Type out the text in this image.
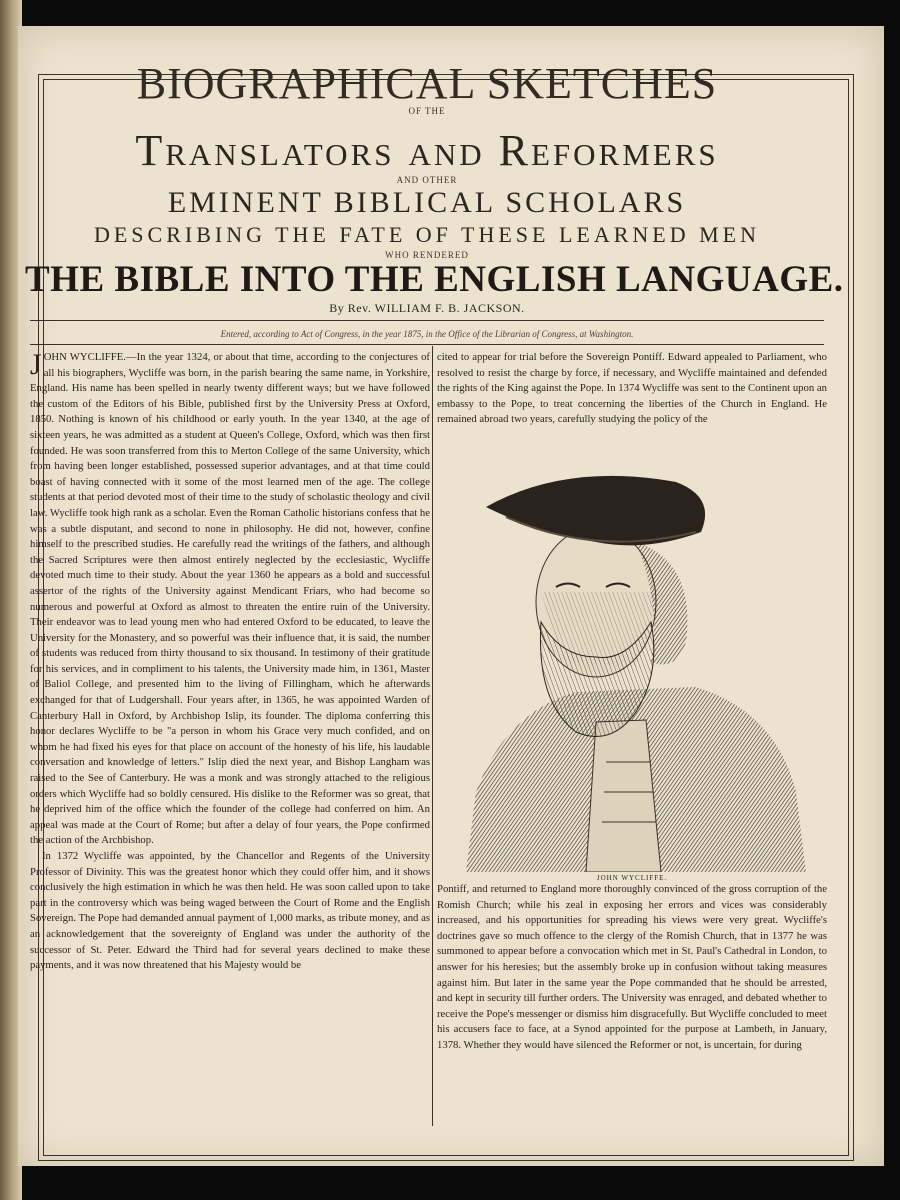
BIOGRAPHICAL SKETCHES
OF THE
Translators and Reformers
AND OTHER
EMINENT BIBLICAL SCHOLARS
DESCRIBING THE FATE OF THESE LEARNED MEN
WHO RENDERED
THE BIBLE INTO THE ENGLISH LANGUAGE.
By Rev. WILLIAM F. B. JACKSON.
Entered, according to Act of Congress, in the year 1875, in the Office of the Librarian of Congress, at Washington.

JOHN WYCLIFFE.—In the year 1324, or about that time, according to the conjectures of all his biographers, Wycliffe was born, in the parish bearing the same name, in Yorkshire, England. His name has been spelled in nearly twenty different ways; but we have followed the custom of the Editors of his Bible, published first by the University Press at Oxford, 1850. Nothing is known of his childhood or early youth. In the year 1340, at the age of sixteen years, he was admitted as a student at Queen's College, Oxford, which was then first founded. He was soon transferred from this to Merton College of the same University, which from having been longer established, possessed superior advantages, and at that time could boast of having connected with it some of the most learned men of the age. The college students at that period devoted most of their time to the study of scholastic theology and civil law. Wycliffe took high rank as a scholar. Even the Roman Catholic historians confess that he was a subtle disputant, and second to none in philosophy. He did not, however, confine himself to the prescribed studies. He carefully read the writings of the fathers, and although the Sacred Scriptures were then almost entirely neglected by the ecclesiastic, Wycliffe devoted much time to their study. About the year 1360 he appears as a bold and successful assertor of the rights of the University against Mendicant Friars, who had become so numerous and powerful at Oxford as almost to threaten the entire ruin of the University. Their endeavor was to lead young men who had entered Oxford to be educated, to leave the University for the Monastery, and so powerful was their influence that, it is said, the number of students was reduced from thirty thousand to six thousand. In testimony of their gratitude for his services, and in compliment to his talents, the University made him, in 1361, Master of Baliol College, and presented him to the living of Fillingham, which he afterwards exchanged for that of Ludgershall. Four years after, in 1365, he was appointed Warden of Canterbury Hall in Oxford, by Archbishop Islip, its founder. The diploma conferring this honor declares Wycliffe to be "a person in whom his Grace very much confided, and on whom he had fixed his eyes for that place on account of the honesty of his life, his laudable conversation and knowledge of letters." Islip died the next year, and Bishop Langham was raised to the See of Canterbury. He was a monk and was strongly attached to the religious orders which Wycliffe had so boldly censured. His dislike to the Reformer was so great, that he deprived him of the office which the founder of the college had conferred on him. An appeal was made at the Court of Rome; but after a delay of four years, the Pope confirmed the action of the Archbishop.

In 1372 Wycliffe was appointed, by the Chancellor and Regents of the University Professor of Divinity. This was the greatest honor which they could offer him, and it shows conclusively the high estimation in which he was then held. He was soon called upon to take part in the controversy which was being waged between the Court of Rome and the English Sovereign. The Pope had demanded annual payment of 1,000 marks, as tribute money, and as an acknowledgement that the sovereignty of England was under the authority of the successor of St. Peter. Edward the Third had for several years declined to make these payments, and it was now threatened that his Majesty would be

cited to appear for trial before the Sovereign Pontiff. Edward appealed to Parliament, who resolved to resist the charge by force, if necessary, and Wycliffe maintained and defended the rights of the King against the Pope. In 1374 Wycliffe was sent to the Continent upon an embassy to the Pope, to treat concerning the liberties of the Church in England. He remained abroad two years, carefully studying the policy of the

JOHN WYCLIFFE.

Pontiff, and returned to England more thoroughly convinced of the gross corruption of the Romish Church; while his zeal in exposing her errors and vices was considerably increased, and his opportunities for spreading his views were very great. Wycliffe's doctrines gave so much offence to the clergy of the Romish Church, that in 1377 he was summoned to appear before a convocation which met in St. Paul's Cathedral in London, to answer for his heresies; but the assembly broke up in confusion without taking measures against him. But later in the same year the Pope commanded that he should be arrested, and kept in security till further orders. The University was enraged, and debated whether to receive the Pope's messenger or dismiss him disgracefully. But Wycliffe concluded to meet his accusers face to face, at a Synod appointed for the purpose at Lambeth, in January, 1378. Whether they would have silenced the Reformer or not, is uncertain, for during
